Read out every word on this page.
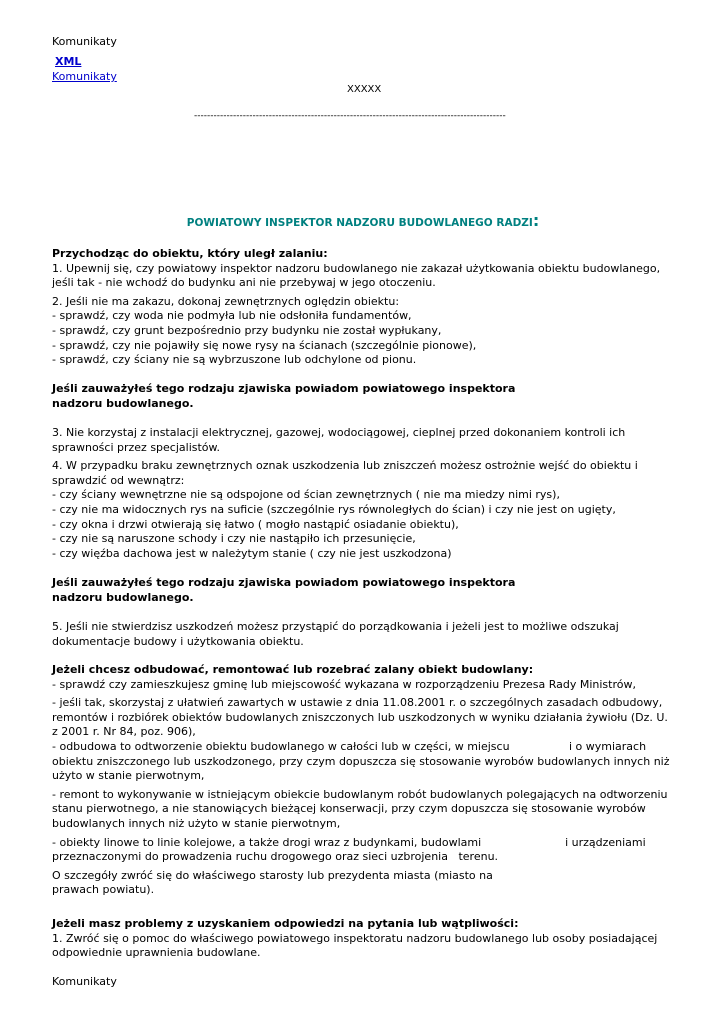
Komunikaty
XML
Komunikaty
XXXXX
------------------------------------------------------------------------------------------------
POWIATOWY INSPEKTOR NADZORU BUDOWLANEGO RADZI:

Przychodząc do obiektu, który uległ zalaniu:

1. Upewnij się, czy powiatowy inspektor nadzoru budowlanego nie zakazał użytkowania obiektu budowlanego, jeśli tak - nie wchodź do budynku ani nie przebywaj w jego otoczeniu.

2. Jeśli nie ma zakazu, dokonaj zewnętrznych oględzin obiektu:

- sprawdź, czy woda nie podmyła lub nie odsłoniła fundamentów,

- sprawdź, czy grunt bezpośrednio przy budynku nie został wypłukany,

- sprawdź, czy nie pojawiły się nowe rysy na ścianach (szczególnie pionowe),

- sprawdź, czy ściany nie są wybrzuszone lub odchylone od pionu.

Jeśli zauważyłeś tego rodzaju zjawiska powiadom powiatowego inspektora nadzoru budowlanego.

3. Nie korzystaj z instalacji elektrycznej, gazowej, wodociągowej, cieplnej przed dokonaniem kontroli ich sprawności przez specjalistów.

4. W przypadku braku zewnętrznych oznak uszkodzenia lub zniszczeń możesz ostrożnie wejść do obiektu i sprawdzić od wewnątrz:

- czy ściany wewnętrzne nie są odspojone od ścian zewnętrznych ( nie ma miedzy nimi rys),

- czy nie ma widocznych rys na suficie (szczególnie rys równoległych do ścian) i czy nie jest on ugięty,

- czy okna i drzwi otwierają się łatwo ( mogło nastąpić osiadanie obiektu),

- czy nie są naruszone schody i czy nie nastąpiło ich przesunięcie,

- czy więźba dachowa jest w należytym stanie ( czy nie jest uszkodzona)

Jeśli zauważyłeś tego rodzaju zjawiska powiadom powiatowego inspektora nadzoru budowlanego.

5. Jeśli nie stwierdzisz uszkodzeń możesz przystąpić do porządkowania i jeżeli jest to możliwe odszukaj dokumentacje budowy i użytkowania obiektu.

Jeżeli chcesz odbudować, remontować lub rozebrać zalany obiekt budowlany:

- sprawdź czy zamieszkujesz gminę lub miejscowość wykazana w rozporządzeniu Prezesa Rady Ministrów,

- jeśli tak, skorzystaj z ułatwień zawartych w ustawie z dnia 11.08.2001 r. o szczególnych zasadach odbudowy, remontów i rozbiórek obiektów budowlanych zniszczonych lub uszkodzonych w wyniku działania żywiołu (Dz. U. z 2001 r. Nr 84, poz. 906),

- odbudowa to odtworzenie obiektu budowlanego w całości lub w części, w miejscu                 i o wymiarach obiektu zniszczonego lub uszkodzonego, przy czym dopuszcza się stosowanie wyrobów budowlanych innych niż użyto w stanie pierwotnym,

- remont to wykonywanie w istniejącym obiekcie budowlanym robót budowlanych polegających na odtworzeniu stanu pierwotnego, a nie stanowiących bieżącej konserwacji, przy czym dopuszcza się stosowanie wyrobów budowlanych innych niż użyto w stanie pierwotnym,

- obiekty linowe to linie kolejowe, a także drogi wraz z budynkami, budowlami                        i urządzeniami przeznaczonymi do prowadzenia ruchu drogowego oraz sieci uzbrojenia   terenu.

O szczegóły zwróć się do właściwego starosty lub prezydenta miasta (miasto na prawach powiatu).

Jeżeli masz problemy z uzyskaniem odpowiedzi na pytania lub wątpliwości:

1. Zwróć się o pomoc do właściwego powiatowego inspektoratu nadzoru budowlanego lub osoby posiadającej odpowiednie uprawnienia budowlane.

Komunikaty
